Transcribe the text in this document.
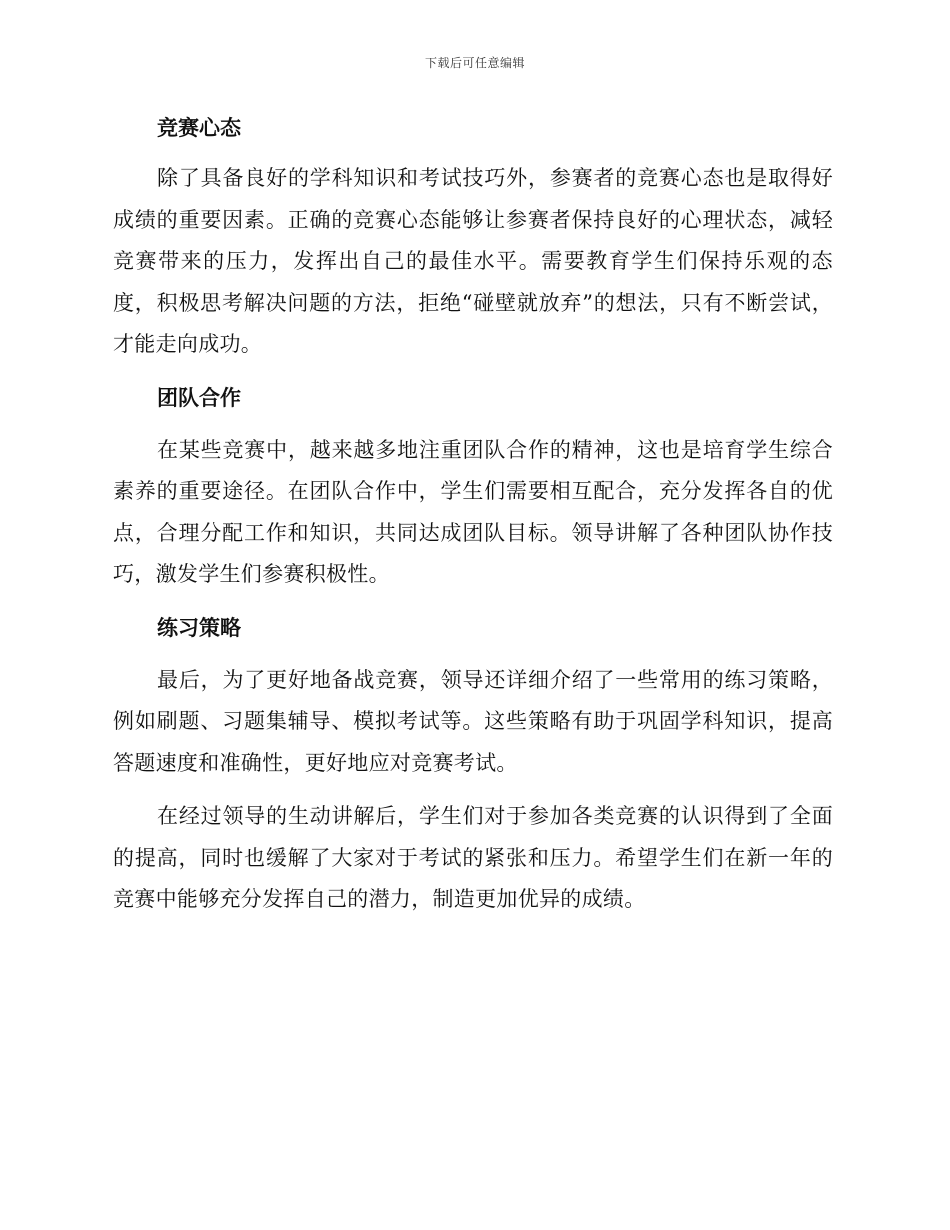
下载后可任意编辑
竞赛心态

除了具备良好的学科知识和考试技巧外，参赛者的竞赛心态也是取得好成绩的重要因素。正确的竞赛心态能够让参赛者保持良好的心理状态，减轻竞赛带来的压力，发挥出自己的最佳水平。需要教育学生们保持乐观的态度，积极思考解决问题的方法，拒绝“碰壁就放弃”的想法，只有不断尝试，才能走向成功。

团队合作

在某些竞赛中，越来越多地注重团队合作的精神，这也是培育学生综合素养的重要途径。在团队合作中，学生们需要相互配合，充分发挥各自的优点，合理分配工作和知识，共同达成团队目标。领导讲解了各种团队协作技巧，激发学生们参赛积极性。

练习策略

最后，为了更好地备战竞赛，领导还详细介绍了一些常用的练习策略，例如刷题、习题集辅导、模拟考试等。这些策略有助于巩固学科知识，提高答题速度和准确性，更好地应对竞赛考试。

在经过领导的生动讲解后，学生们对于参加各类竞赛的认识得到了全面的提高，同时也缓解了大家对于考试的紧张和压力。希望学生们在新一年的竞赛中能够充分发挥自己的潜力，制造更加优异的成绩。
